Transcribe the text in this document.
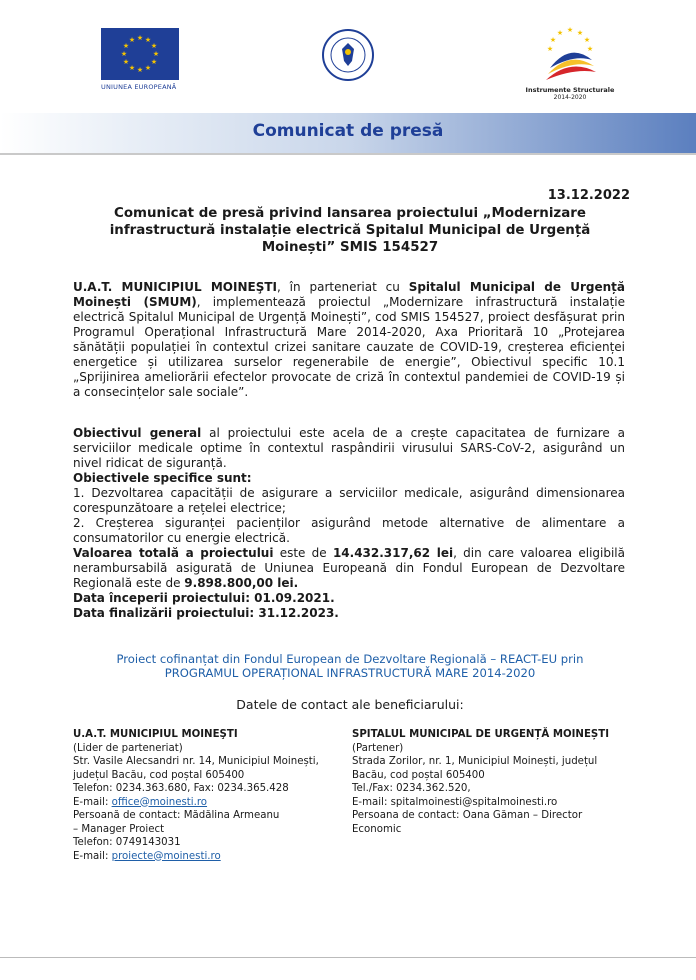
★ ★
★
★
★
★
★
★
★
★
★
★
UNIUNEA EUROPEANĂ
★ ★
★
★
★
★	★
Instrumente Structurale
2014-2020
Comunicat de presă
13.12.2022
Comunicat de presă privind lansarea proiectului „Modernizare
infrastructură instalație electrică Spitalul Municipal de Urgență
Moinești” SMIS 154527

U.A.T. MUNICIPIUL MOINEŞTI, în parteneriat cu Spitalul Municipal de Urgență Moinești (SMUM), implementează proiectul „Modernizare infrastructură instalație electrică Spitalul Municipal de Urgență Moinești”, cod SMIS 154527, proiect desfășurat prin Programul Operațional Infrastructură Mare 2014-2020, Axa Prioritară 10 „Protejarea sănătății populației în contextul crizei sanitare cauzate de COVID-19, creșterea eficienței energetice și utilizarea surselor regenerabile de energie”, Obiectivul specific 10.1 „Sprijinirea ameliorării efectelor provocate de criză în contextul pandemiei de COVID-19 și a consecințelor sale sociale”.

Obiectivul general al proiectului este acela de a crește capacitatea de furnizare a serviciilor medicale optime în contextul raspândirii virusului SARS-CoV-2, asigurând un nivel ridicat de siguranță.

Obiectivele specifice sunt:

1. Dezvoltarea capacității de asigurare a serviciilor medicale, asigurând dimensionarea corespunzătoare a rețelei electrice;

2. Creșterea siguranței pacienților asigurând metode alternative de alimentare a consumatorilor cu energie electrică.

Valoarea totală a proiectului este de 14.432.317,62 lei, din care valoarea eligibilă nerambursabilă asigurată de Uniunea Europeană din Fondul European de Dezvoltare Regională este de 9.898.800,00 lei.

Data începerii proiectului: 01.09.2021.

Data finalizării proiectului: 31.12.2023.

Proiect cofinanțat din Fondul European de Dezvoltare Regională – REACT-EU prin
PROGRAMUL OPERAȚIONAL INFRASTRUCTURĂ MARE 2014-2020
Datele de contact ale beneficiarului:
U.A.T. MUNICIPIUL MOINEŞTI
(Lider de parteneriat)
Str. Vasile Alecsandri nr. 14, Municipiul Moinești,
județul Bacău, cod poștal 605400
Telefon: 0234.363.680, Fax: 0234.365.428
E-mail: office@moinesti.ro
Persoană de contact: Mădălina Armeanu
– Manager Proiect
Telefon: 0749143031
E-mail: proiecte@moinesti.ro
SPITALUL MUNICIPAL DE URGENȚĂ MOINEȘTI
(Partener)
Strada Zorilor, nr. 1, Municipiul Moinești, județul
Bacău, cod poștal 605400
Tel./Fax: 0234.362.520,
E-mail: spitalmoinesti@spitalmoinesti.ro
Persoana de contact: Oana Găman – Director
Economic
